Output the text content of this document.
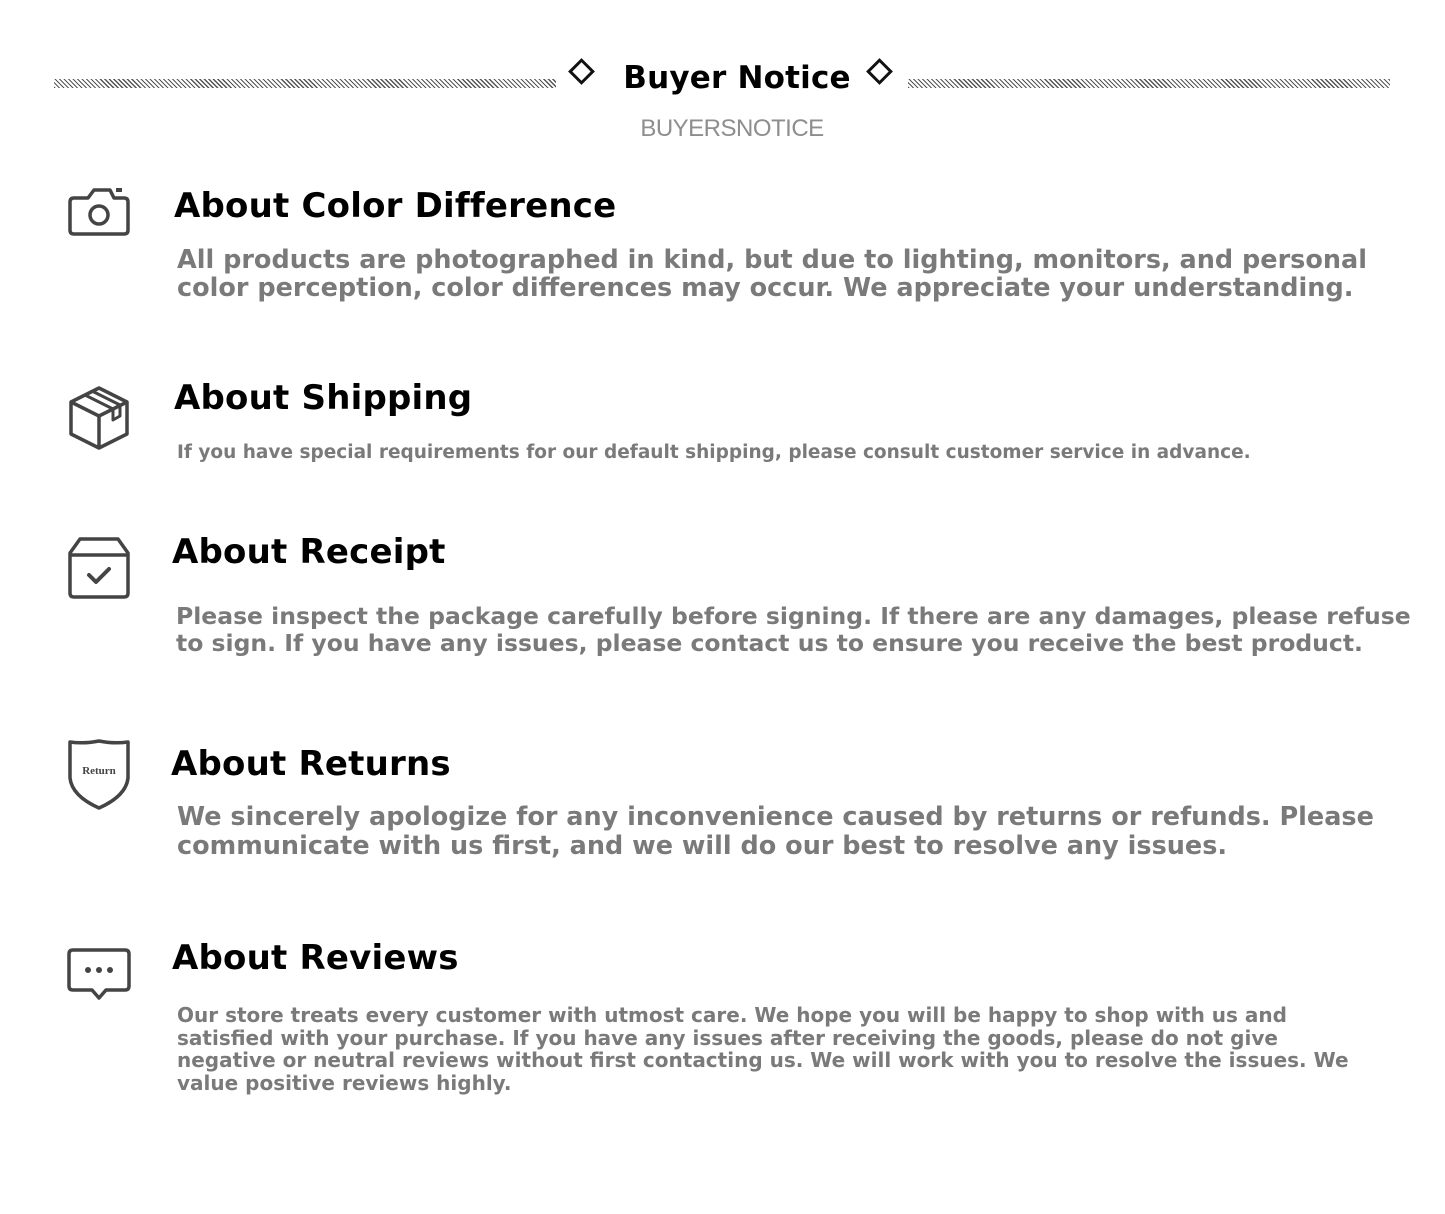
Buyer Notice
BUYERSNOTICE
About Color Difference
All products are photographed in kind, but due to lighting, monitors, and personal
color perception, color differences may occur. We appreciate your understanding.
About Shipping
If you have special requirements for our default shipping, please consult customer service in advance.
About Receipt
Please inspect the package carefully before signing. If there are any damages, please refuse
to sign. If you have any issues, please contact us to ensure you receive the best product.
Return About Returns
We sincerely apologize for any inconvenience caused by returns or refunds. Please
communicate with us first, and we will do our best to resolve any issues.
About Reviews
Our store treats every customer with utmost care. We hope you will be happy to shop with us and
satisfied with your purchase. If you have any issues after receiving the goods, please do not give
negative or neutral reviews without first contacting us. We will work with you to resolve the issues. We
value positive reviews highly.
